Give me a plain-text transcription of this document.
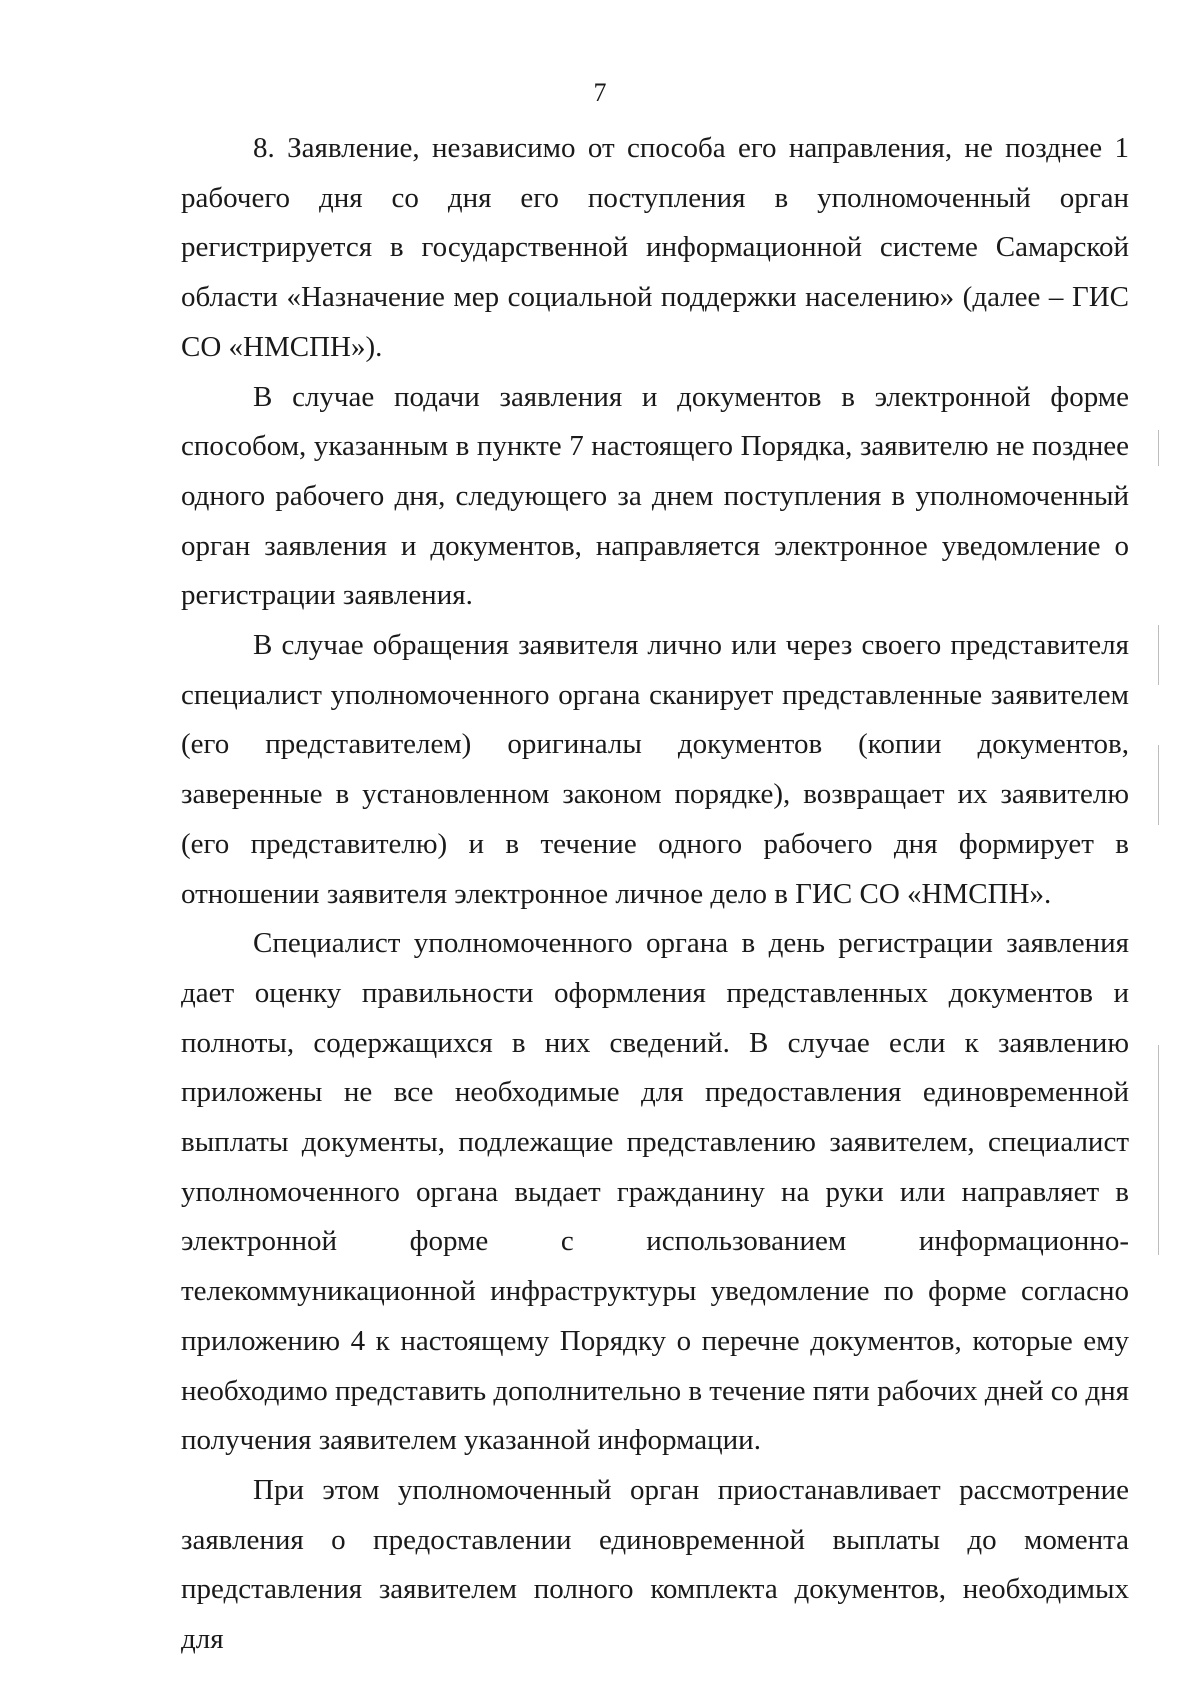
7

8. Заявление, независимо от способа его направления, не позднее 1 рабочего дня со дня его поступления в уполномоченный орган регистрируется в государственной информационной системе Самарской области «Назначение мер социальной поддержки населению» (далее – ГИС СО «НМСПН»).

В случае подачи заявления и документов в электронной форме способом, указанным в пункте 7 настоящего Порядка, заявителю не позднее одного рабочего дня, следующего за днем поступления в уполномоченный орган заявления и документов, направляется электронное уведомление о регистрации заявления.

В случае обращения заявителя лично или через своего представителя специалист уполномоченного органа сканирует представленные заявителем (его представителем) оригиналы документов (копии документов, заверенные в установленном законом порядке), возвращает их заявителю (его представителю) и в течение одного рабочего дня формирует в отношении заявителя электронное личное дело в ГИС СО «НМСПН».

Специалист уполномоченного органа в день регистрации заявления дает оценку правильности оформления представленных документов и полноты, содержащихся в них сведений. В случае если к заявлению приложены не все необходимые для предоставления единовременной выплаты документы, подлежащие представлению заявителем, специалист уполномоченного органа выдает гражданину на руки или направляет в электронной форме с использованием информационно-телекоммуникационной инфраструктуры уведомление по форме согласно приложению 4 к настоящему Порядку о перечне документов, которые ему необходимо представить дополнительно в течение пяти рабочих дней со дня получения заявителем указанной информации.

При этом уполномоченный орган приостанавливает рассмотрение заявления о предоставлении единовременной выплаты до момента представления заявителем полного комплекта документов, необходимых для
